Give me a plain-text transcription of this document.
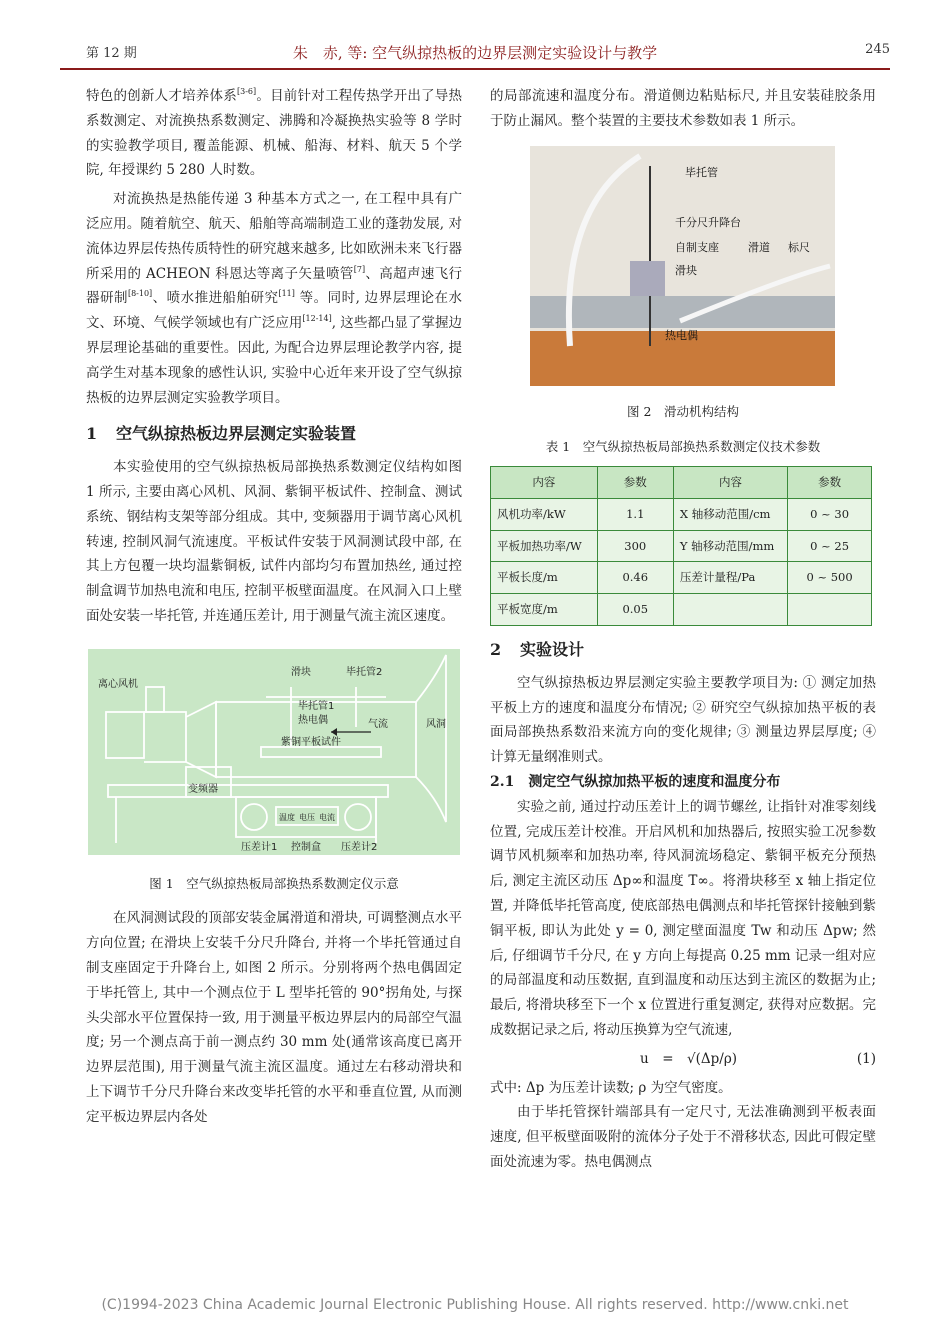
第 12 期	朱　赤, 等: 空气纵掠热板的边界层测定实验设计与教学	245

特色的创新人才培养体系[3-6]。目前针对工程传热学开出了导热系数测定、对流换热系数测定、沸腾和冷凝换热实验等 8 学时的实验教学项目, 覆盖能源、机械、船海、材料、航天 5 个学院, 年授课约 5 280 人时数。

对流换热是热能传递 3 种基本方式之一, 在工程中具有广泛应用。随着航空、航天、船舶等高端制造工业的蓬勃发展, 对流体边界层传热传质特性的研究越来越多, 比如欧洲未来飞行器所采用的 ACHEON 科恩达等离子矢量喷管[7]、高超声速飞行器研制[8-10]、喷水推进船舶研究[11] 等。同时, 边界层理论在水文、环境、气候学领域也有广泛应用[12-14], 这些都凸显了掌握边界层理论基础的重要性。因此, 为配合边界层理论教学内容, 提高学生对基本现象的感性认识, 实验中心近年来开设了空气纵掠热板的边界层测定实验教学项目。

1 空气纵掠热板边界层测定实验装置

本实验使用的空气纵掠热板局部换热系数测定仪结构如图 1 所示, 主要由离心风机、风洞、紫铜平板试件、控制盒、测试系统、钢结构支架等部分组成。其中, 变频器用于调节离心风机转速, 控制风洞气流速度。平板试件安装于风洞测试段中部, 在其上方包覆一块均温紫铜板, 试件内部均匀布置加热丝, 通过控制盒调节加热电流和电压, 控制平板壁面温度。在风洞入口上壁面处安装一毕托管, 并连通压差计, 用于测量气流主流区速度。

离心风机
滑块	毕托管2
毕托管1
热电偶	气流	风洞
紫铜平板试件
变频器
压差计1 控制盒 压差计2
温度 电压 电流
图 1　空气纵掠热板局部换热系数测定仪示意

在风洞测试段的顶部安装金属滑道和滑块, 可调整测点水平方向位置; 在滑块上安装千分尺升降台, 并将一个毕托管通过自制支座固定于升降台上, 如图 2 所示。分别将两个热电偶固定于毕托管上, 其中一个测点位于 L 型毕托管的 90°拐角处, 与探头尖部水平位置保持一致, 用于测量平板边界层内的局部空气温度; 另一个测点高于前一测点约 30 mm 处(通常该高度已离开边界层范围), 用于测量气流主流区温度。通过左右移动滑块和上下调节千分尺升降台来改变毕托管的水平和垂直位置, 从而测定平板边界层内各处

的局部流速和温度分布。滑道侧边粘贴标尺, 并且安装硅胶条用于防止漏风。整个装置的主要技术参数如表 1 所示。

毕托管
千分尺升降台
自制支座	滑道 标尺
滑块
热电偶
图 2　滑动机构结构
表 1　空气纵掠热板局部换热系数测定仪技术参数
内容	参数	内容	参数
风机功率/kW	1.1	X 轴移动范围/cm	0 ~ 30
平板加热功率/W	300	Y 轴移动范围/mm	0 ~ 25
平板长度/m	0.46	压差计量程/Pa	0 ~ 500
平板宽度/m	0.05		
2 实验设计

空气纵掠热板边界层测定实验主要教学项目为: ① 测定加热平板上方的速度和温度分布情况; ② 研究空气纵掠加热平板的表面局部换热系数沿来流方向的变化规律; ③ 测量边界层厚度; ④ 计算无量纲准则式。

2.1　测定空气纵掠加热平板的速度和温度分布

实验之前, 通过拧动压差计上的调节螺丝, 让指针对准零刻线位置, 完成压差计校准。开启风机和加热器后, 按照实验工况参数调节风机频率和加热功率, 待风洞流场稳定、紫铜平板充分预热后, 测定主流区动压 Δp∞和温度 T∞。将滑块移至 x 轴上指定位置, 并降低毕托管高度, 使底部热电偶测点和毕托管探针接触到紫铜平板, 即认为此处 y = 0, 测定壁面温度 Tw 和动压 Δpw; 然后, 仔细调节千分尺, 在 y 方向上每提高 0.25 mm 记录一组对应的局部温度和动压数据, 直到温度和动压达到主流区的数据为止; 最后, 将滑块移至下一个 x 位置进行重复测定, 获得对应数据。完成数据记录之后, 将动压换算为空气流速,

u　=　√(Δp/ρ)	(1)

式中: Δp 为压差计读数; ρ 为空气密度。

由于毕托管探针端部具有一定尺寸, 无法准确测到平板表面速度, 但平板壁面吸附的流体分子处于不滑移状态, 因此可假定壁面处流速为零。热电偶测点

(C)1994-2023 China Academic Journal Electronic Publishing House. All rights reserved. http://www.cnki.net
